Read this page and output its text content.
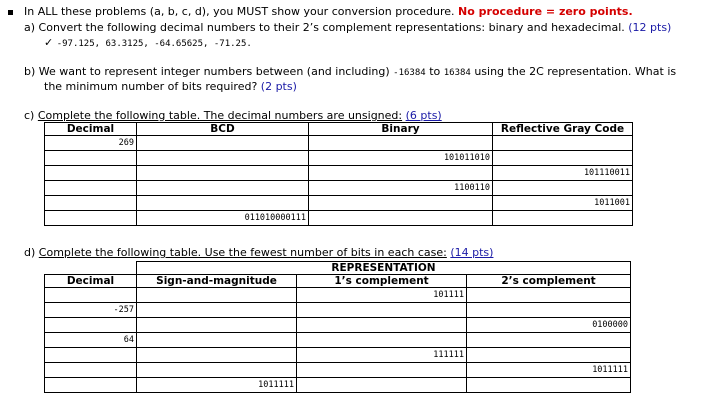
In ALL these problems (a, b, c, d), you MUST show your conversion procedure. No procedure = zero points.
a) Convert the following decimal numbers to their 2’s complement representations: binary and hexadecimal. (12 pts)
✓ -97.125, 63.3125, -64.65625, -71.25.
b) We want to represent integer numbers between (and including) -16384 to 16384 using the 2C representation. What is
the minimum number of bits required? (2 pts)
c) Complete the following table. The decimal numbers are unsigned: (6 pts)
Decimal	BCD	Binary	Reflective Gray Code
269			
		101011010	
			101110011
		1100110	
			1011001
	011010000111		
d) Complete the following table. Use the fewest number of bits in each case: (14 pts)
	REPRESENTATION		
Decimal	Sign-and-magnitude	1’s complement	2’s complement
		101111	
-257			
			0100000
64			
		111111	
			1011111
	1011111		
